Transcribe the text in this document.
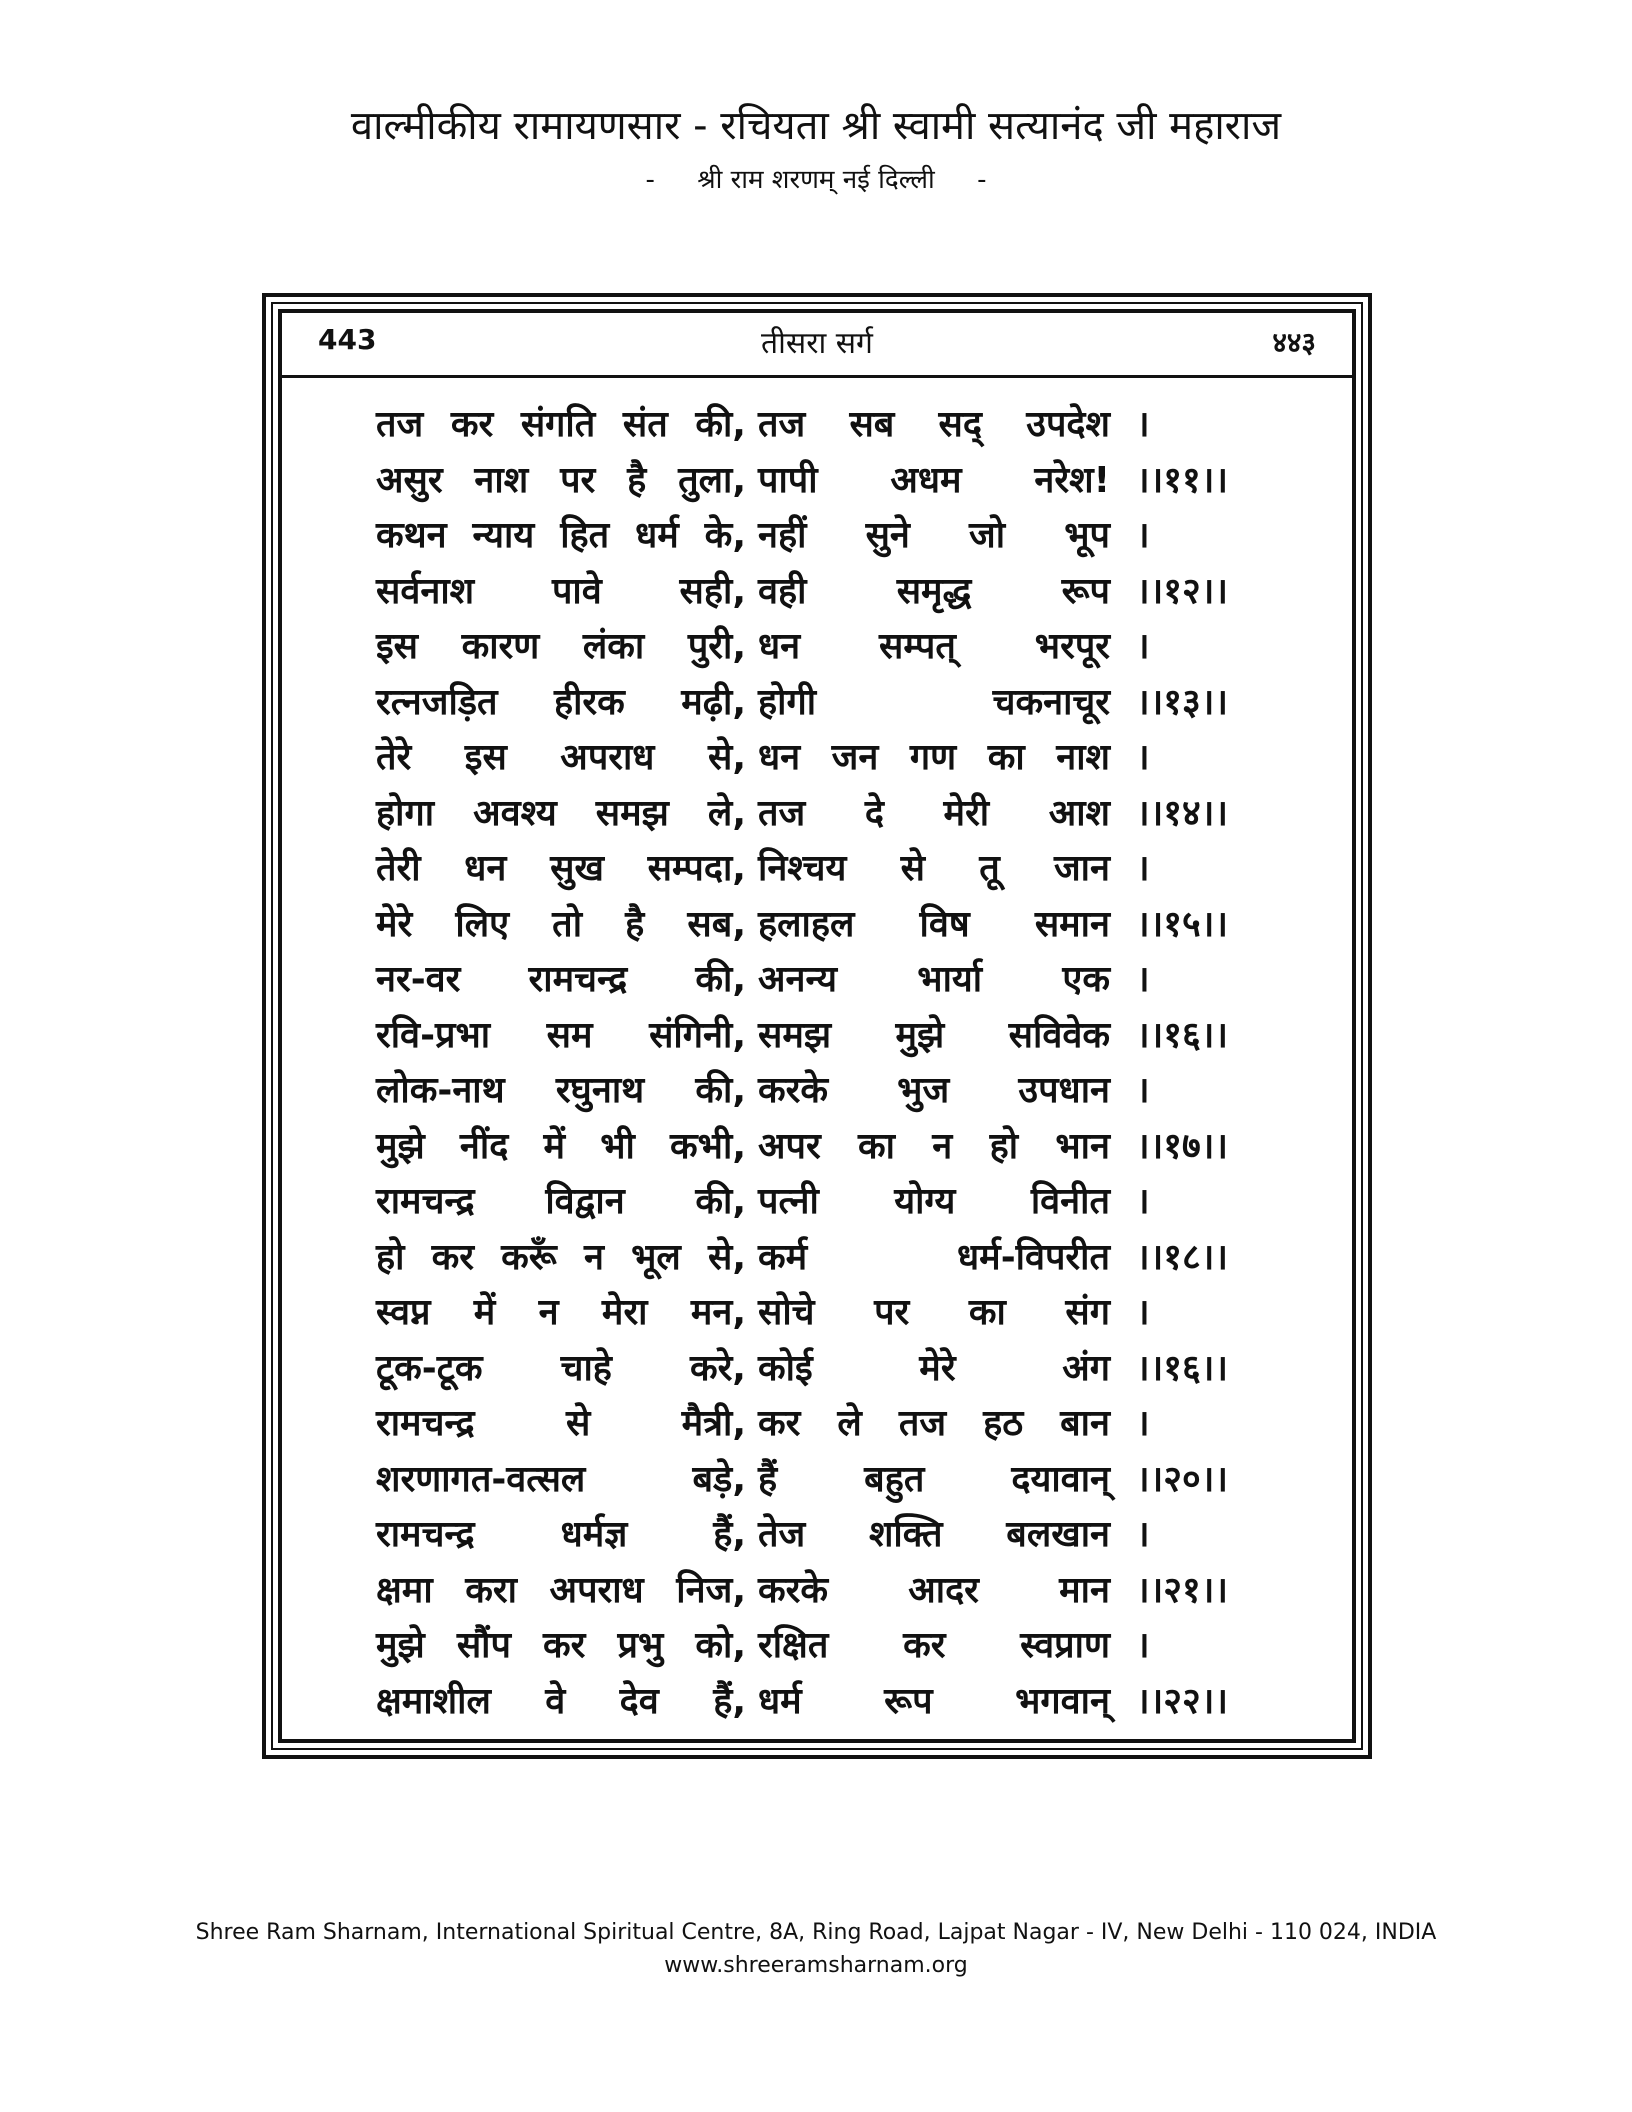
वाल्मीकीय रामायणसार - रचियता श्री स्वामी सत्यानंद जी महाराज
- श्री राम शरणम् नई दिल्ली -
443	तीसरा सर्ग	४४३
तज कर संगति संत की, तज सब सद् उपदेश ।
असुर नाश पर है तुला, पापी अधम नरेश! ।।११।।
कथन न्याय हित धर्म के, नहीं सुने जो भूप ।
सर्वनाश पावे सही, वही समृद्ध रूप ।।१२।।
इस कारण लंका पुरी, धन सम्पत् भरपूर ।
रत्नजड़ित हीरक मढ़ी, होगी चकनाचूर ।।१३।।
तेरे इस अपराध से, धन जन गण का नाश ।
होगा अवश्य समझ ले, तज दे मेरी आश ।।१४।।
तेरी धन सुख सम्पदा, निश्चय से तू जान ।
मेरे लिए तो है सब, हलाहल विष समान ।।१५।।
नर-वर रामचन्द्र की, अनन्य भार्या एक ।
रवि-प्रभा सम संगिनी, समझ मुझे सविवेक ।।१६।।
लोक-नाथ रघुनाथ की, करके भुज उपधान ।
मुझे नींद में भी कभी, अपर का न हो भान ।।१७।।
रामचन्द्र विद्वान की, पत्नी योग्य विनीत ।
हो कर करूँ न भूल से, कर्म धर्म-विपरीत ।।१८।।
स्वप्न में न मेरा मन, सोचे पर का संग ।
टूक-टूक चाहे करे, कोई मेरे अंग ।।१६।।
रामचन्द्र से मैत्री, कर ले तज हठ बान ।
शरणागत-वत्सल बड़े, हैं बहुत दयावान् ।।२०।।
रामचन्द्र धर्मज्ञ हैं, तेज शक्ति बलखान ।
क्षमा करा अपराध निज, करके आदर मान ।।२१।।
मुझे सौंप कर प्रभु को, रक्षित कर स्वप्राण ।
क्षमाशील वे देव हैं, धर्म रूप भगवान् ।।२२।।
Shree Ram Sharnam, International Spiritual Centre, 8A, Ring Road, Lajpat Nagar - IV, New Delhi - 110 024, INDIA
www.shreeramsharnam.org
